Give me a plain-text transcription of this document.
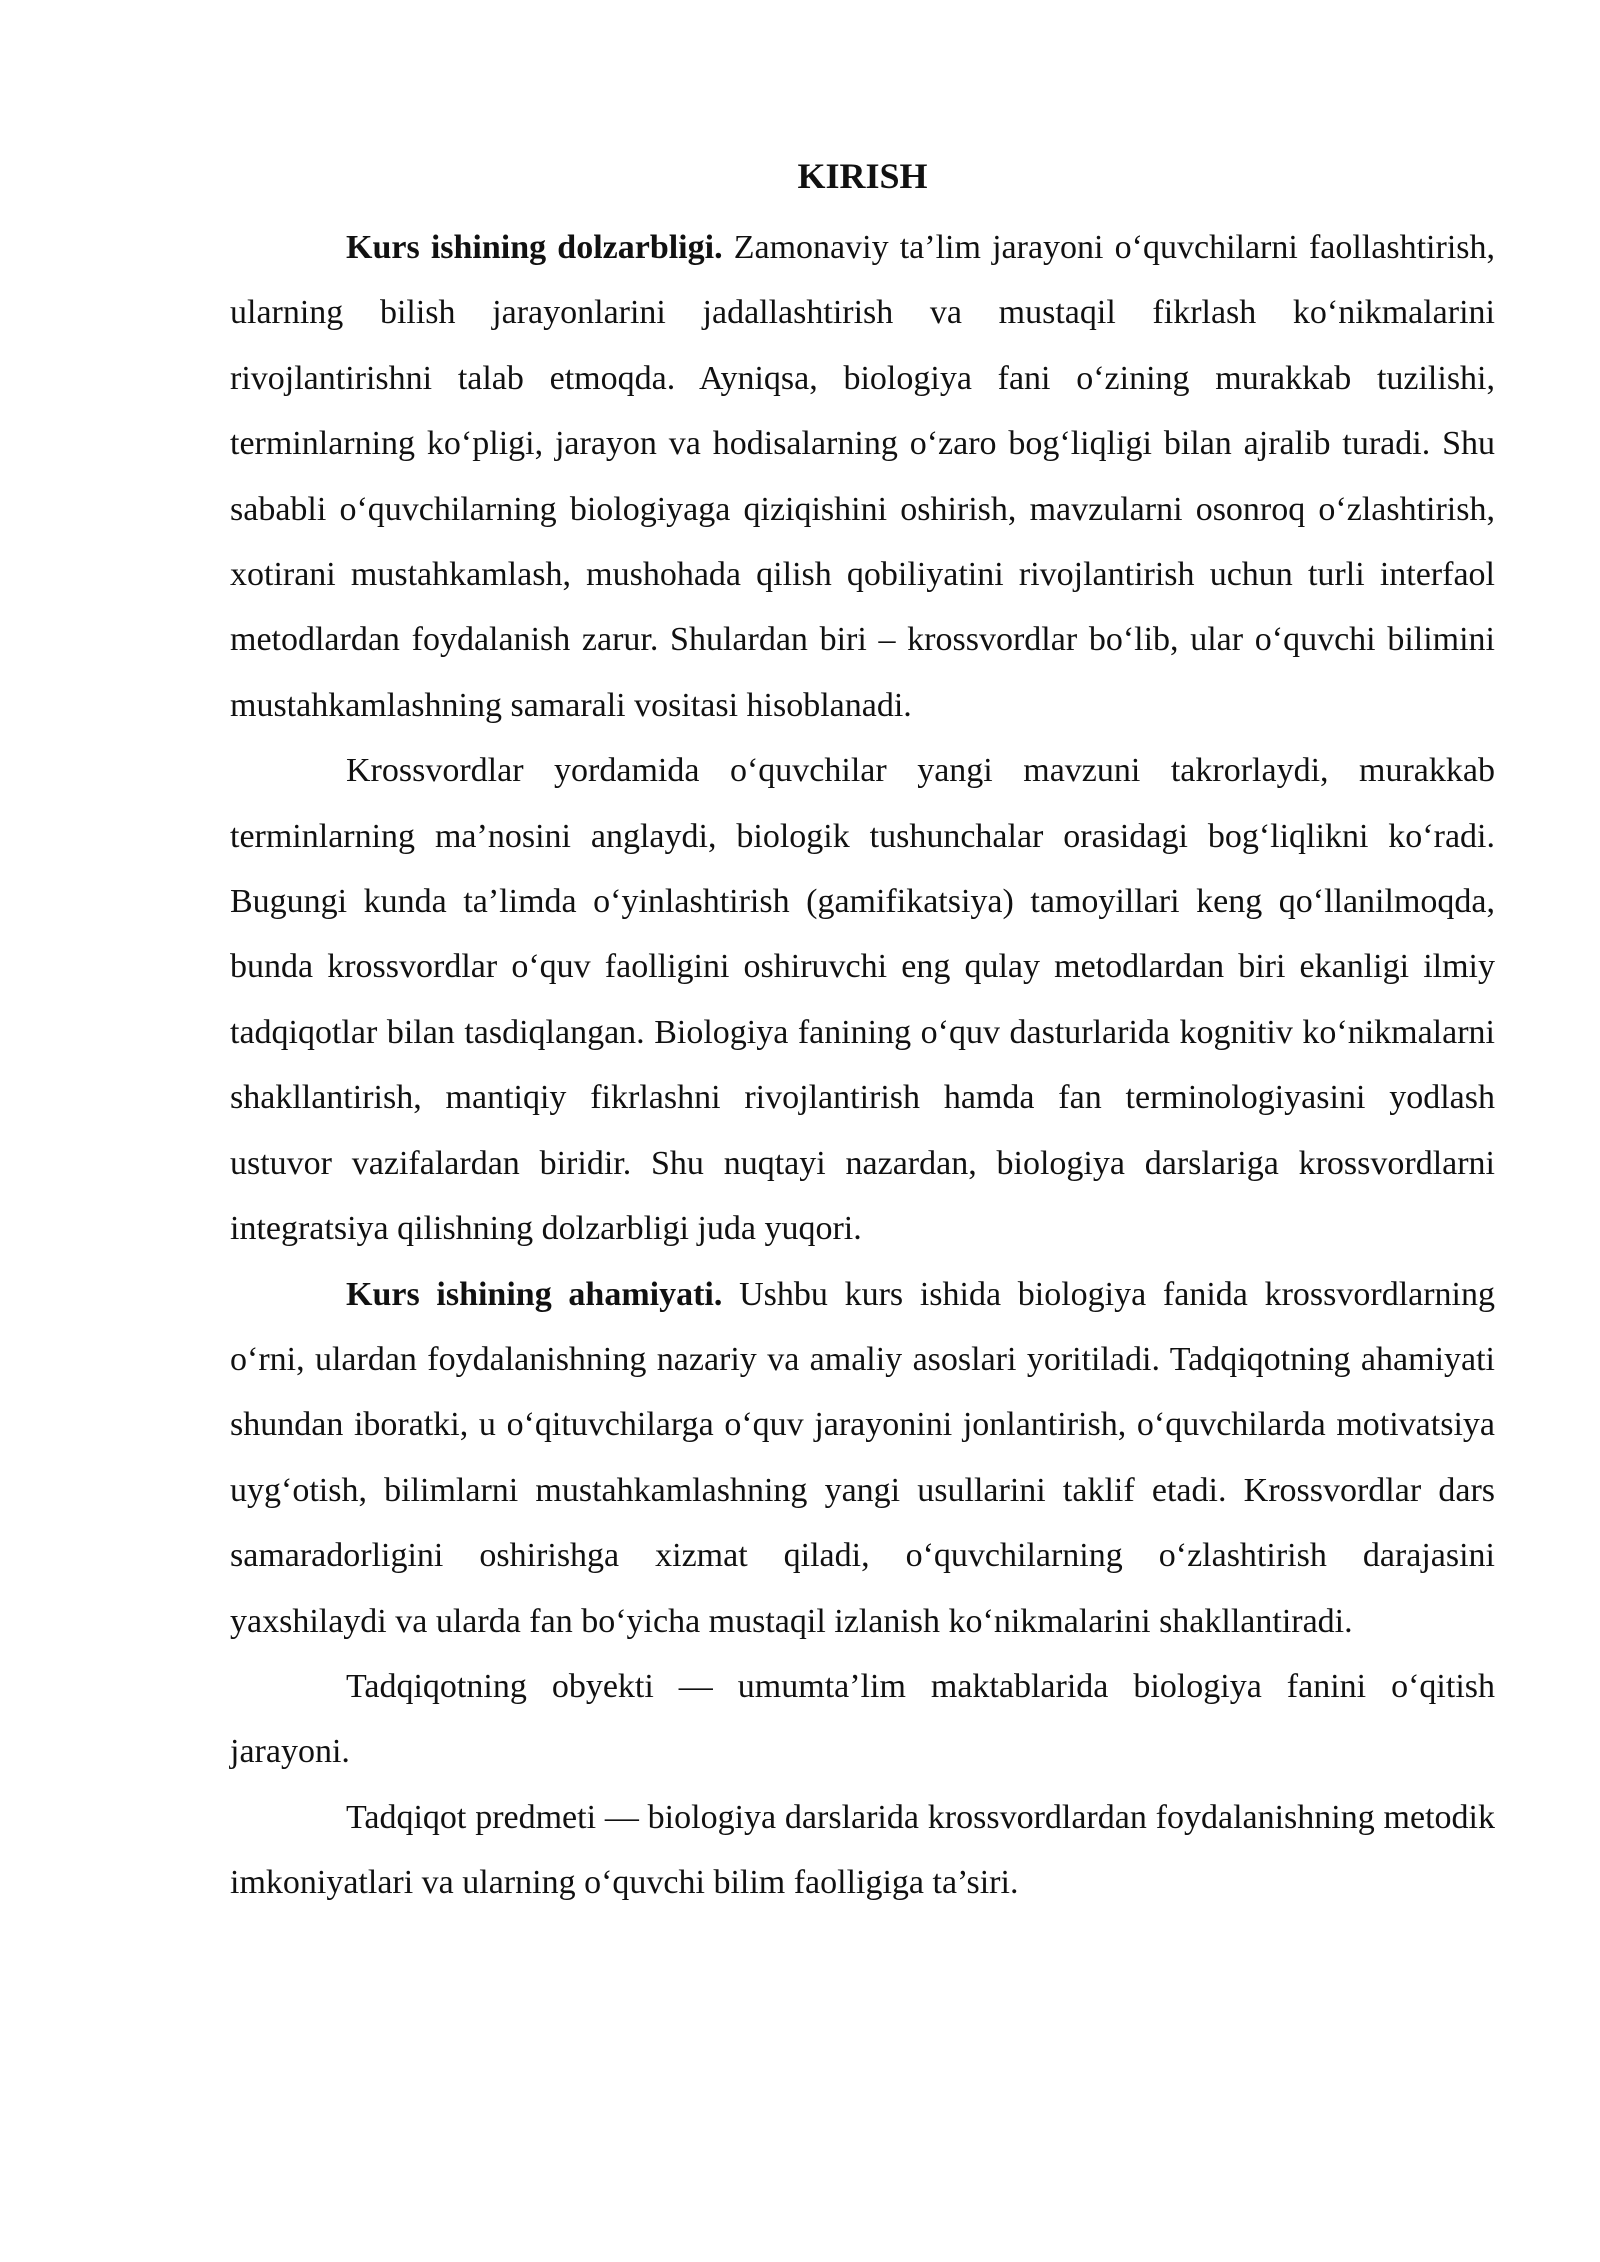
KIRISH

Kurs ishining dolzarbligi. Zamonaviy ta’lim jarayoni o‘quvchilarni faollashtirish, ularning bilish jarayonlarini jadallashtirish va mustaqil fikrlash ko‘nikmalarini rivojlantirishni talab etmoqda. Ayniqsa, biologiya fani o‘zining murakkab tuzilishi, terminlarning ko‘pligi, jarayon va hodisalarning o‘zaro bog‘liqligi bilan ajralib turadi. Shu sababli o‘quvchilarning biologiyaga qiziqishini oshirish, mavzularni osonroq o‘zlashtirish, xotirani mustahkamlash, mushohada qilish qobiliyatini rivojlantirish uchun turli interfaol metodlardan foydalanish zarur. Shulardan biri – krossvordlar bo‘lib, ular o‘quvchi bilimini mustahkamlashning samarali vositasi hisoblanadi.

Krossvordlar yordamida o‘quvchilar yangi mavzuni takrorlaydi, murakkab terminlarning ma’nosini anglaydi, biologik tushunchalar orasidagi bog‘liqlikni ko‘radi. Bugungi kunda ta’limda o‘yinlashtirish (gamifikatsiya) tamoyillari keng qo‘llanilmoqda, bunda krossvordlar o‘quv faolligini oshiruvchi eng qulay metodlardan biri ekanligi ilmiy tadqiqotlar bilan tasdiqlangan. Biologiya fanining o‘quv dasturlarida kognitiv ko‘nikmalarni shakllantirish, mantiqiy fikrlashni rivojlantirish hamda fan terminologiyasini yodlash ustuvor vazifalardan biridir. Shu nuqtayi nazardan, biologiya darslariga krossvordlarni integratsiya qilishning dolzarbligi juda yuqori.

Kurs ishining ahamiyati. Ushbu kurs ishida biologiya fanida krossvordlarning o‘rni, ulardan foydalanishning nazariy va amaliy asoslari yoritiladi. Tadqiqotning ahamiyati shundan iboratki, u o‘qituvchilarga o‘quv jarayonini jonlantirish, o‘quvchilarda motivatsiya uyg‘otish, bilimlarni mustahkamlashning yangi usullarini taklif etadi. Krossvordlar dars samaradorligini oshirishga xizmat qiladi, o‘quvchilarning o‘zlashtirish darajasini yaxshilaydi va ularda fan bo‘yicha mustaqil izlanish ko‘nikmalarini shakllantiradi.

Tadqiqotning obyekti — umumta’lim maktablarida biologiya fanini o‘qitish jarayoni.

Tadqiqot predmeti — biologiya darslarida krossvordlardan foydalanishning metodik imkoniyatlari va ularning o‘quvchi bilim faolligiga ta’siri.
